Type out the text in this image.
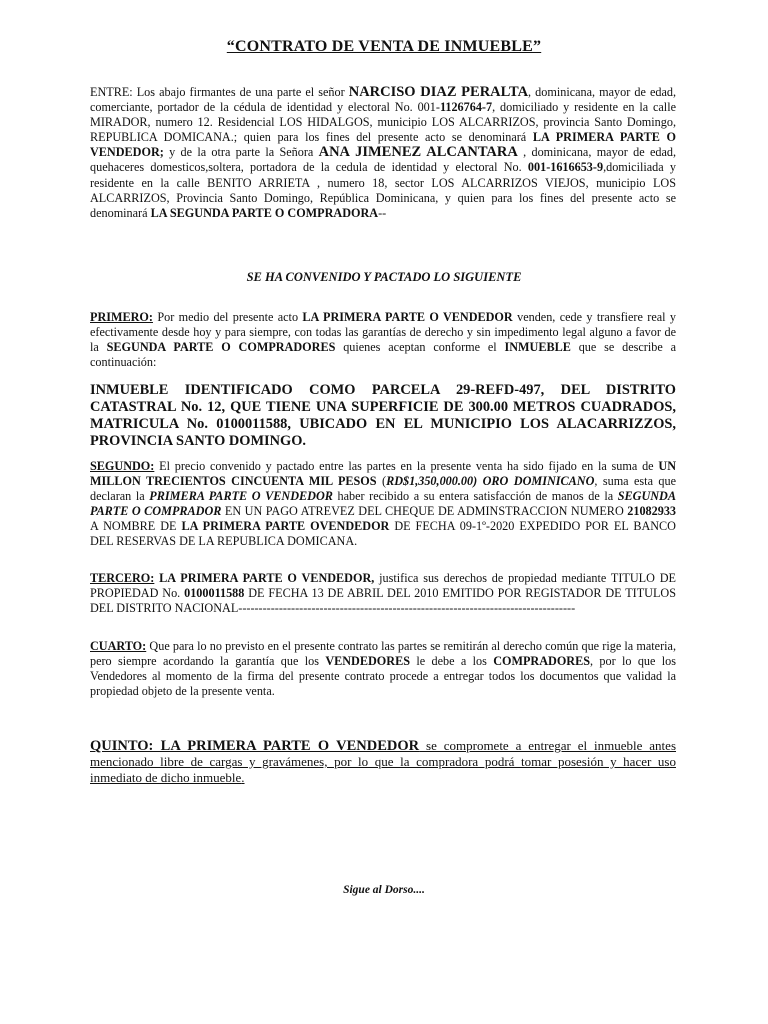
“CONTRATO DE VENTA DE INMUEBLE”
ENTRE: Los abajo firmantes de una parte el señor NARCISO DIAZ PERALTA, dominicana, mayor de edad, comerciante, portador de la cédula de identidad y electoral No. 001-1126764-7, domiciliado y residente en la calle MIRADOR, numero 12. Residencial LOS HIDALGOS, municipio LOS ALCARRIZOS, provincia Santo Domingo, REPUBLICA DOMICANA.; quien para los fines del presente acto se denominará LA PRIMERA PARTE O VENDEDOR; y de la otra parte la Señora ANA JIMENEZ ALCANTARA , dominicana, mayor de edad, quehaceres domesticos,soltera, portadora de la cedula de identidad y electoral No. 001-1616653-9,domiciliada y residente en la calle BENITO ARRIETA , numero 18, sector LOS ALCARRIZOS VIEJOS, municipio LOS ALCARRIZOS, Provincia Santo Domingo, República Dominicana, y quien para los fines del presente acto se denominará LA SEGUNDA PARTE O COMPRADORA--
SE HA CONVENIDO Y PACTADO LO SIGUIENTE
PRIMERO: Por medio del presente acto LA PRIMERA PARTE O VENDEDOR venden, cede y transfiere real y efectivamente desde hoy y para siempre, con todas las garantías de derecho y sin impedimento legal alguno a favor de la SEGUNDA PARTE O COMPRADORES quienes aceptan conforme el INMUEBLE que se describe a continuación:
INMUEBLE IDENTIFICADO COMO PARCELA 29-REFD-497, DEL DISTRITO CATASTRAL No. 12, QUE TIENE UNA SUPERFICIE DE 300.00 METROS CUADRADOS, MATRICULA No. 0100011588, UBICADO EN EL MUNICIPIO LOS ALACARRIZZOS, PROVINCIA SANTO DOMINGO.
SEGUNDO: El precio convenido y pactado entre las partes en la presente venta ha sido fijado en la suma de UN MILLON TRECIENTOS CINCUENTA MIL PESOS (RD$1,350,000.00) ORO DOMINICANO, suma esta que declaran la PRIMERA PARTE O VENDEDOR haber recibido a su entera satisfacción de manos de la SEGUNDA PARTE O COMPRADOR EN UN PAGO ATREVEZ DEL CHEQUE DE ADMINSTRACCION NUMERO 21082933 A NOMBRE DE LA PRIMERA PARTE OVENDEDOR DE FECHA 09-1º-2020 EXPEDIDO POR EL BANCO DEL RESERVAS DE LA REPUBLICA DOMICANA.
TERCERO: LA PRIMERA PARTE O VENDEDOR, justifica sus derechos de propiedad mediante TITULO DE PROPIEDAD No. 0100011588 DE FECHA 13 DE ABRIL DEL 2010 EMITIDO POR REGISTADOR DE TITULOS DEL DISTRITO NACIONAL-----------------------------------------------------------------------------------
CUARTO: Que para lo no previsto en el presente contrato las partes se remitirán al derecho común que rige la materia, pero siempre acordando la garantía que los VENDEDORES le debe a los COMPRADORES, por lo que los Vendedores al momento de la firma del presente contrato procede a entregar todos los documentos que validad la propiedad objeto de la presente venta.
QUINTO: LA PRIMERA PARTE O VENDEDOR se compromete a entregar el inmueble antes mencionado libre de cargas y gravámenes, por lo que la compradora podrá tomar posesión y hacer uso inmediato de dicho inmueble.
Sigue al Dorso....
